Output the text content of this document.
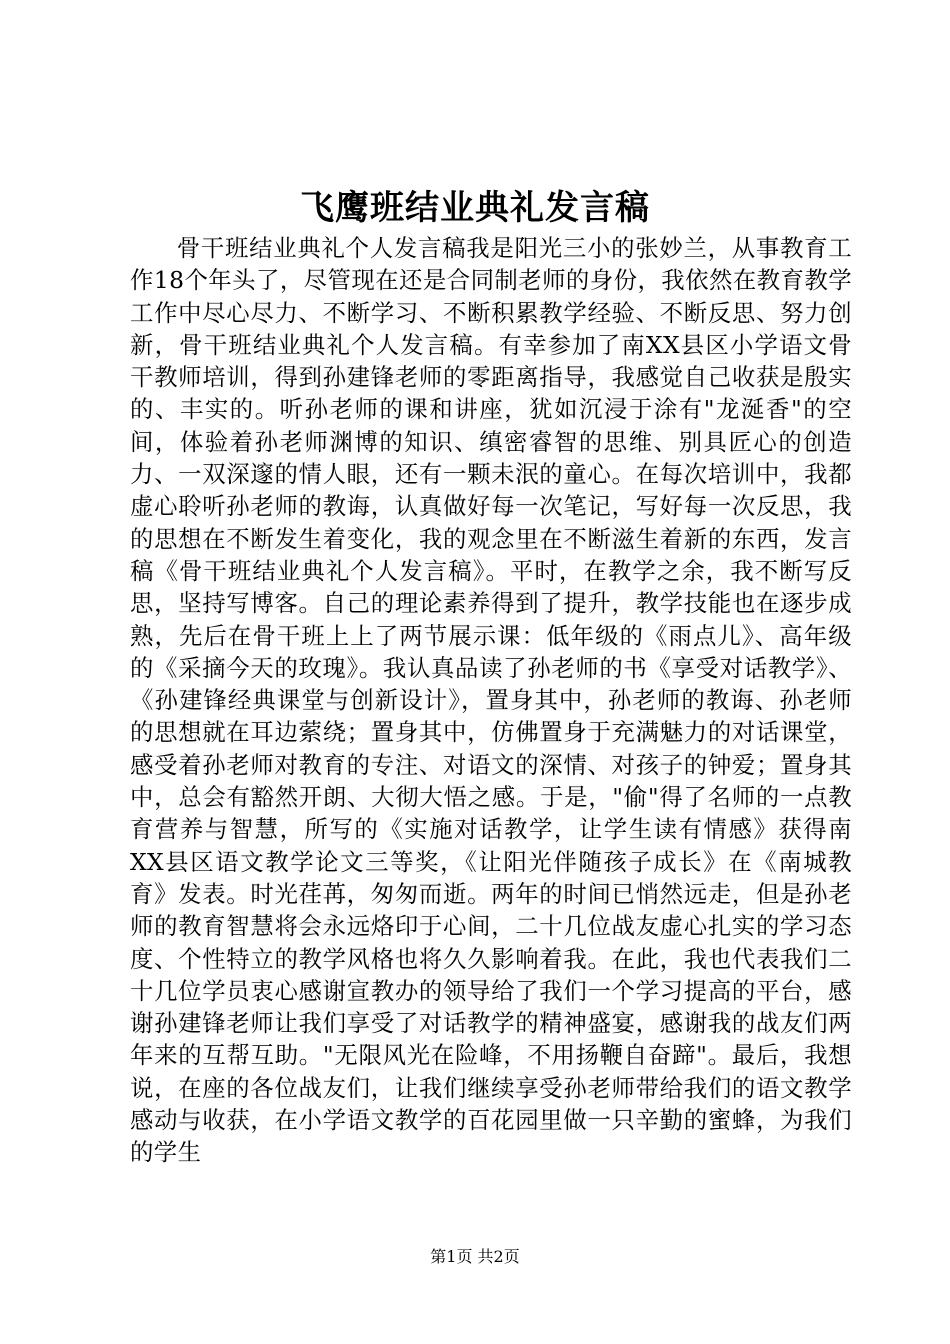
飞鹰班结业典礼发言稿

骨干班结业典礼个人发言稿我是阳光三小的张妙兰，从事教育工作18个年头了，尽管现在还是合同制老师的身份，我依然在教育教学工作中尽心尽力、不断学习、不断积累教学经验、不断反思、努力创新，骨干班结业典礼个人发言稿。有幸参加了南XX县区小学语文骨干教师培训，得到孙建锋老师的零距离指导，我感觉自己收获是殷实的、丰实的。听孙老师的课和讲座，犹如沉浸于涂有"龙涎香"的空间，体验着孙老师渊博的知识、缜密睿智的思维、别具匠心的创造力、一双深邃的情人眼，还有一颗未泯的童心。在每次培训中，我都虚心聆听孙老师的教诲，认真做好每一次笔记，写好每一次反思，我的思想在不断发生着变化，我的观念里在不断滋生着新的东西，发言稿《骨干班结业典礼个人发言稿》。平时，在教学之余，我不断写反思，坚持写博客。自己的理论素养得到了提升，教学技能也在逐步成熟，先后在骨干班上上了两节展示课：低年级的《雨点儿》、高年级的《采摘今天的玫瑰》。我认真品读了孙老师的书《享受对话教学》、《孙建锋经典课堂与创新设计》，置身其中，孙老师的教诲、孙老师的思想就在耳边萦绕；置身其中，仿佛置身于充满魅力的对话课堂，感受着孙老师对教育的专注、对语文的深情、对孩子的钟爱；置身其中，总会有豁然开朗、大彻大悟之感。于是，"偷"得了名师的一点教育营养与智慧，所写的《实施对话教学，让学生读有情感》获得南XX县区语文教学论文三等奖，《让阳光伴随孩子成长》在《南城教育》发表。时光荏苒，匆匆而逝。两年的时间已悄然远走，但是孙老师的教育智慧将会永远烙印于心间，二十几位战友虚心扎实的学习态度、个性特立的教学风格也将久久影响着我。在此，我也代表我们二十几位学员衷心感谢宣教办的领导给了我们一个学习提高的平台，感谢孙建锋老师让我们享受了对话教学的精神盛宴，感谢我的战友们两年来的互帮互助。"无限风光在险峰，不用扬鞭自奋蹄"。最后，我想说，在座的各位战友们，让我们继续享受孙老师带给我们的语文教学感动与收获，在小学语文教学的百花园里做一只辛勤的蜜蜂，为我们的学生

第1页 共2页
